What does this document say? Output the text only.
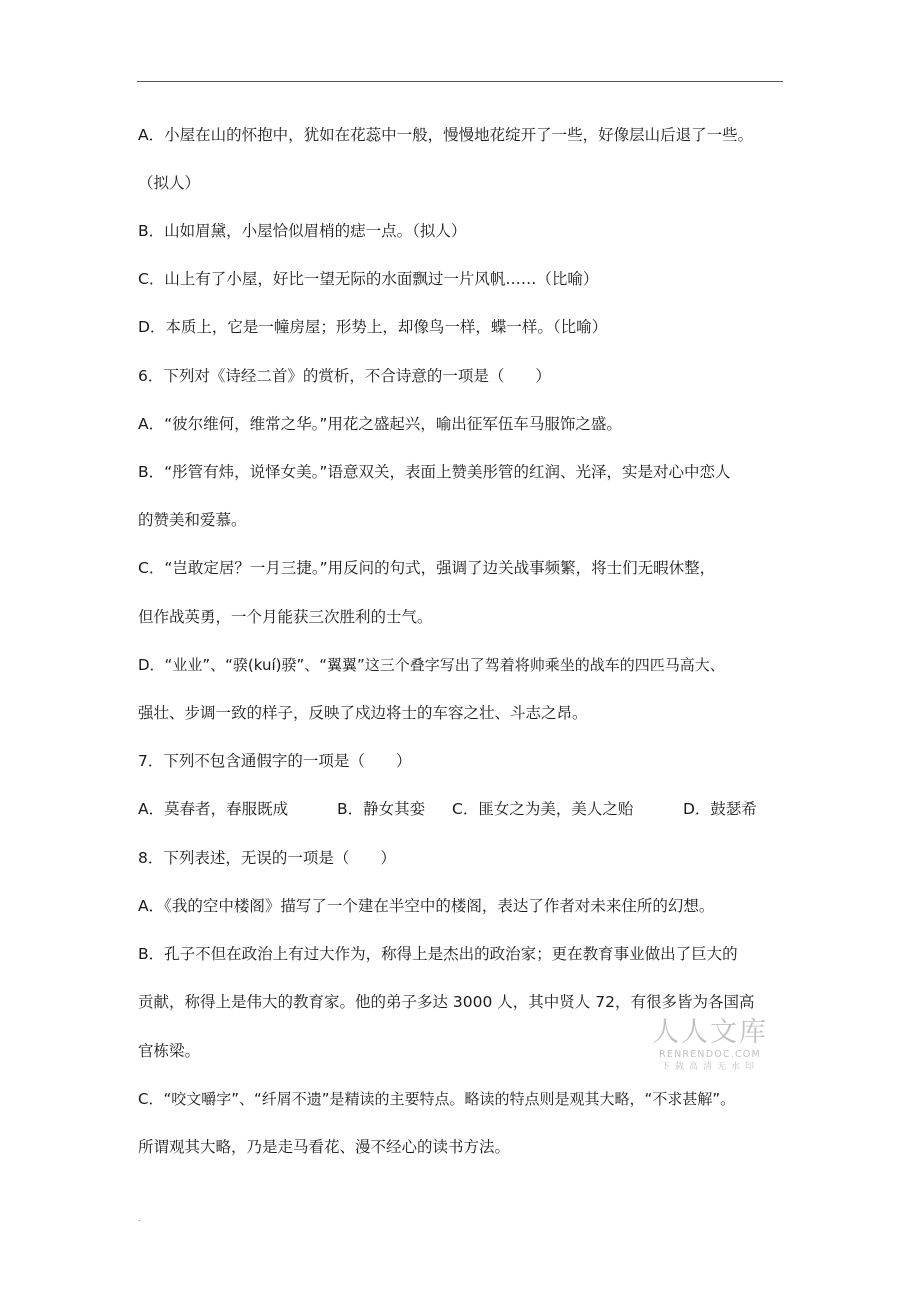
A．小屋在山的怀抱中，犹如在花蕊中一般，慢慢地花绽开了一些，好像层山后退了一些。
（拟人）
B．山如眉黛，小屋恰似眉梢的痣一点。（拟人）
C．山上有了小屋，好比一望无际的水面飘过一片风帆……（比喻）
D．本质上，它是一幢房屋；形势上，却像鸟一样，蝶一样。（比喻）
6．下列对《诗经二首》的赏析，不合诗意的一项是（　　）
A．“彼尔维何，维常之华。”用花之盛起兴，喻出征军伍车马服饰之盛。
B．“彤管有炜，说怿女美。”语意双关，表面上赞美彤管的红润、光泽，实是对心中恋人
的赞美和爱慕。
C．“岂敢定居？一月三捷。”用反问的句式，强调了边关战事频繁，将士们无暇休整，
但作战英勇，一个月能获三次胜利的士气。
D．“业业”、“骙(kuí)骙”、“翼翼”这三个叠字写出了驾着将帅乘坐的战车的四匹马高大、
强壮、步调一致的样子，反映了戍边将士的车容之壮、斗志之昂。
7．下列不包含通假字的一项是（　　）
A．莫春者，春服既成	B．静女其娈 C．匪女之为美，美人之贻	D．鼓瑟希
8．下列表述，无误的一项是（　　）
A．《我的空中楼阁》描写了一个建在半空中的楼阁，表达了作者对未来住所的幻想。
B．孔子不但在政治上有过大作为，称得上是杰出的政治家；更在教育事业做出了巨大的
贡献，称得上是伟大的教育家。他的弟子多达 3000 人，其中贤人 72，有很多皆为各国高
官栋梁。
C．“咬文嚼字”、“纤屑不遗”是精读的主要特点。略读的特点则是观其大略，“不求甚解”。
所谓观其大略，乃是走马看花、漫不经心的读书方法。
人人文库
RENRENDOC.COM
下载高清无水印
.
